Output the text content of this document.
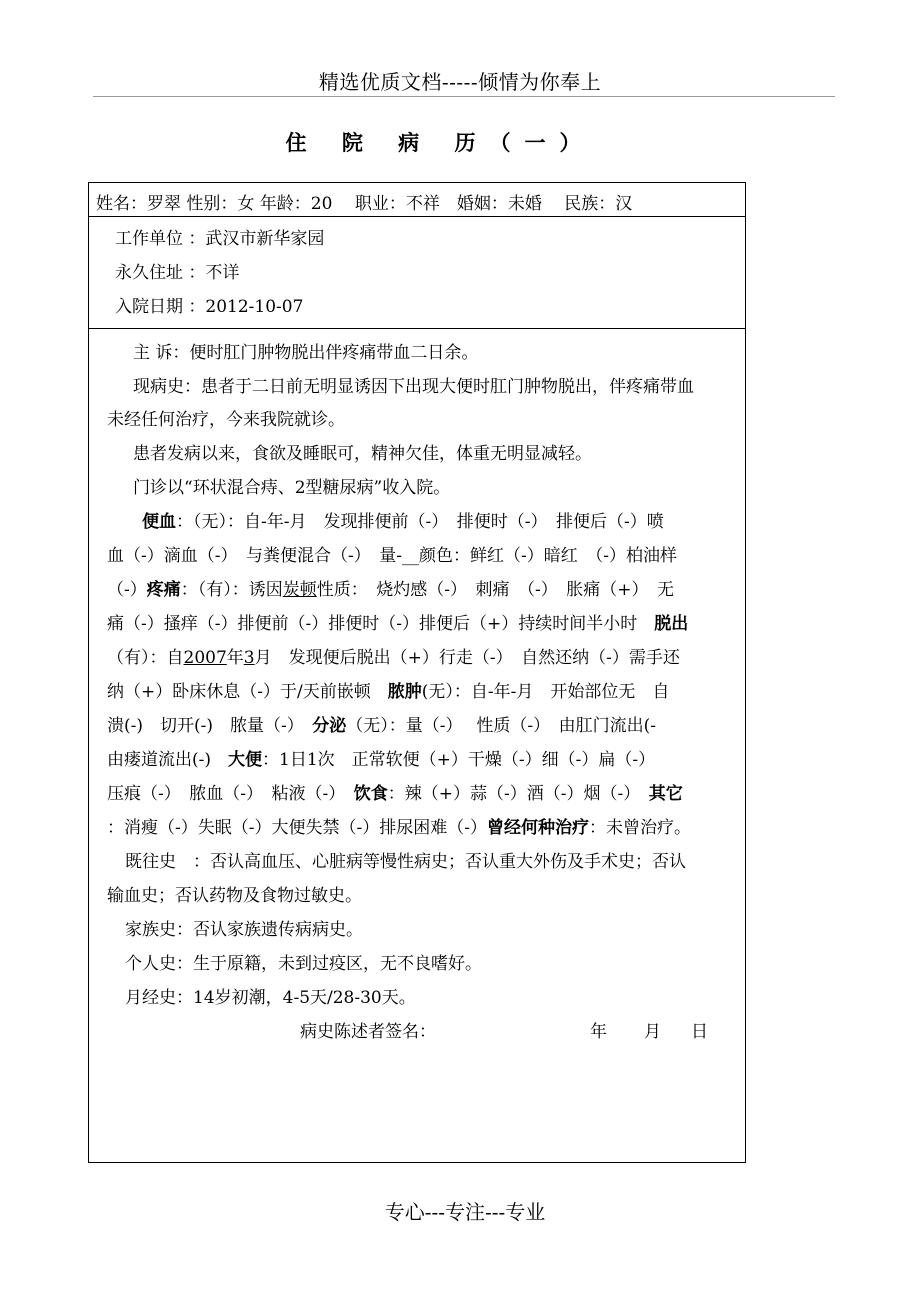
精选优质文档-----倾情为你奉上
住 院 病 历（一）
姓名：罗翠 性别：女 年龄：20　 职业：不祥　婚姻：未婚　 民族：汉
工作单位 ：武汉市新华家园
永久住址 ：不详
入院日期 ：2012-10-07
主 诉：便时肛门肿物脱出伴疼痛带血二日余。
现病史：患者于二日前无明显诱因下出现大便时肛门肿物脱出，伴疼痛带血
未经任何治疗，今来我院就诊。
患者发病以来，食欲及睡眠可，精神欠佳，体重无明显减轻。
门诊以“环状混合痔、2型糖尿病”收入院。
便血：（无）：自-年-月　发现排便前（-）　排便时（-）　排便后（-）喷
血（-）滴血（-）　与粪便混合（-）　量-__颜色：鲜红（-）暗红　（-）柏油样
（-）疼痛：（有）：诱因炭顿性质：　烧灼感（-）　刺痛　（-）　胀痛（+）　无
痛（-）搔痒（-）排便前（-）排便时（-）排便后（+）持续时间半小时　脱出
（有）：自2007年3月　发现便后脱出（+）行走（-）　自然还纳（-）需手还
纳（+）卧床休息（-）于/天前嵌顿　脓肿(无）：自-年-月　开始部位无　自
溃(-)　切开(-)　脓量（-）　分泌（无）：量（-）　 性质（-）　由肛门流出(-
由瘘道流出(-)　大便：1日1次　正常软便（+）干燥（-）细（-）扁（-）
压痕（-）　脓血（-）　粘液（-）　饮食：辣（+）蒜（-）酒（-）烟（-）　其它
：消瘦（-）失眠（-）大便失禁（-）排尿困难（-）曾经何种治疗：未曾治疗。
既往史　：否认高血压、心脏病等慢性病史；否认重大外伤及手术史；否认
输血史；否认药物及食物过敏史。
家族史：否认家族遗传病病史。
个人史：生于原籍，未到过疫区，无不良嗜好。
月经史：14岁初潮，4-5天/28-30天。
病史陈述者签名：	年	月	日
专心---专注---专业
